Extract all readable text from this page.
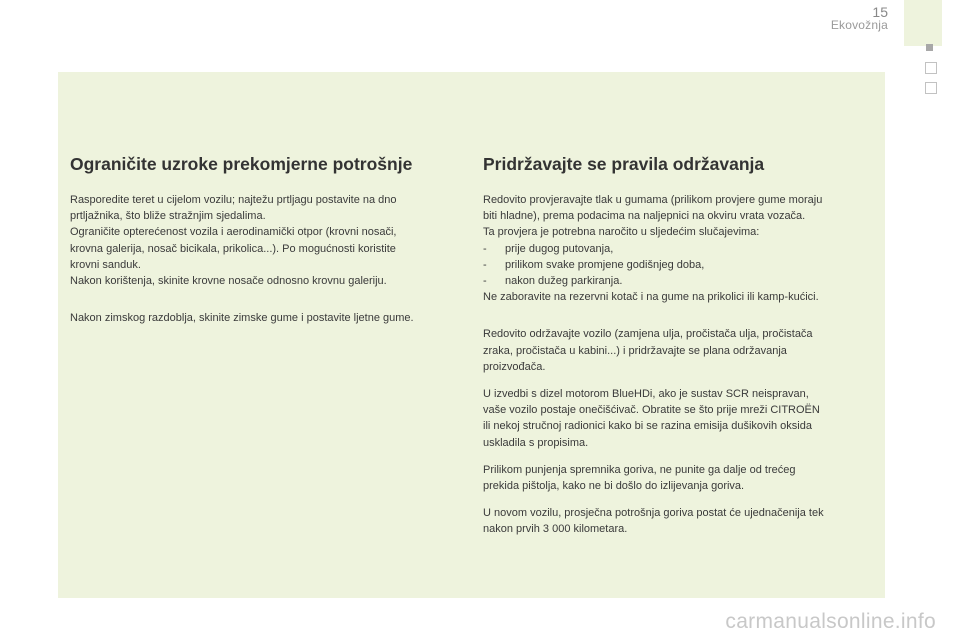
15
Ekovožnja
Ograničite uzroke prekomjerne potrošnje

Rasporedite teret u cijelom vozilu; najtežu prtljagu postavite na dno
prtljažnika, što bliže stražnjim sjedalima.
Ograničite opterećenost vozila i aerodinamički otpor (krovni nosači,
krovna galerija, nosač bicikala, prikolica...). Po mogućnosti koristite
krovni sanduk.
Nakon korištenja, skinite krovne nosače odnosno krovnu galeriju.

Nakon zimskog razdoblja, skinite zimske gume i postavite ljetne gume.

Pridržavajte se pravila održavanja

Redovito provjeravajte tlak u gumama (prilikom provjere gume moraju
biti hladne), prema podacima na naljepnici na okviru vrata vozača.
Ta provjera je potrebna naročito u sljedećim slučajevima:

- prije dugog putovanja,
- prilikom svake promjene godišnjeg doba,
- nakon dužeg parkiranja.

Ne zaboravite na rezervni kotač i na gume na prikolici ili kamp-kućici.

Redovito održavajte vozilo (zamjena ulja, pročistača ulja, pročistača
zraka, pročistača u kabini...) i pridržavajte se plana održavanja
proizvođača.

U izvedbi s dizel motorom BlueHDi, ako je sustav SCR neispravan,
vaše vozilo postaje onečišćivač. Obratite se što prije mreži CITROËN
ili nekoj stručnoj radionici kako bi se razina emisija dušikovih oksida
uskladila s propisima.

Prilikom punjenja spremnika goriva, ne punite ga dalje od trećeg
prekida pištolja, kako ne bi došlo do izlijevanja goriva.

U novom vozilu, prosječna potrošnja goriva postat će ujednačenija tek
nakon prvih 3 000 kilometara.

carmanualsonline.info
